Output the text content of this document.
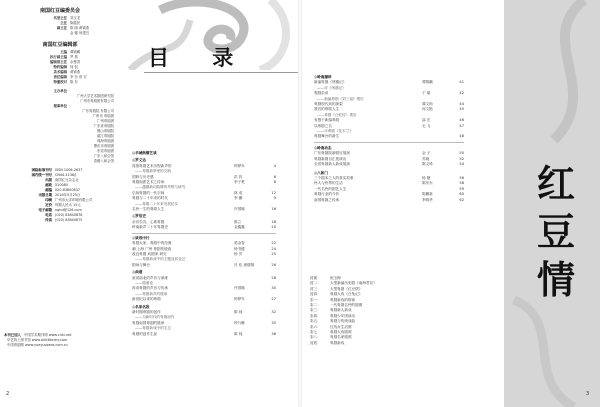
目 录
南国红豆编委员会
名誉主任 刘玉龙
主任 陈健民
副主任 陈 刚 黄锦燕
金 娜 何建宜
南国红豆编辑部
主编 谭锦鹏
执行副主编 罗 燕
编辑部主任 余慧香
特约编辑 何 侃
美术编辑 黄锦燕
责任编辑 李 东 曾 宏
特邀校对 陈 东
主办单位
广州大学艺术剧团研究院
广州市粤剧团有限公司
理事单位
广东粤剧院 有限公司
广州市 粤剧团
广州粤剧团
广东省粤剧院
佛山粤剧院
湛江粤剧院
珠海粤剧团
肇庆市粤剧团
东莞粤剧团
广东八和会馆
香港八和会馆
国际标准刊号 ISSN 1006-2637
国内统一刊号 CN44-1138/J
出版 南国红豆杂志社
邮政 510080
邮编 020-83800837
出版日期 2016年5月25日
印刷 广州市大洋印刷有限公司
定价 每期人民币 15元
电子邮箱 nghd@126.com
电话 (020) 83840876
传真 (020) 83840875
本刊已加入 中国学术期刊网 www.cnki.net
华艺线上图书馆 www.airitilibrary.com
中国粤剧网 www.yueyuopera.com.cn
◎羊城纵横艺谈
◎罗义达
再续粤剧艺术历程新声的	钟梦年	4
——粤剧新梦里的交响
国粹与历史感	洪 钧	6
粤剧南派艺术之传承	李子楚	8
——越剧新词曲牌的考察与研究
弘扬粤剧的一代宗师	林 成	12
粤剧与二十年来的时代	李 鹏	9
——粤剧二十年来发展纪实
名伶一生的粤剧人生	许国翰	16
◎罗伯史
余音袅袅，心系粤剧	陈立	18
岭南新声二十年粤剧史	金鑫鑫	20
◎谈戏中行
粤剧大家，粤剧中的经典	梁金智	22
潮 上海 广州 粤剧传统改	杨书健	24
改良粤剧 戏剧家 研究	杨 贝	25
——粤剧新戏中的主题及其变迁
剧场与舞台	吕 佳 唐继翔	26
◎曲谱
叙说南北的声音与演练	28
——剧谱论
再谈粤剧的声音与传承	许国翰	30
——粤剧新声的继承
新世纪以来的粤剧	钟梦年	27
◎名家名段
新时期粤剧的创作	陈 纯	32
——为新时代的粤剧而作
粤剧南国粤剧的继承	钟乃琳	35
——粤剧新戏中的生态
粤剧的创作生涯	陈 纯	36
2
红豆情
◎岭南撷珍
新编粤剧《绣襦记》	谭锦鹏	41
——评《绣襦记》
观剧杂谈	于 瑞	42
——新编粤剧《刘三姐》观后
粤剧现代戏的探索	谭文尚	44
我们的粤剧人生	何文艳	45
——粤剧《白蛇传》观后
有感于新编粤剧	邵 宏	46
以粤剧之名	毛 飞	47
——评粤剧《花木兰》
粤剧舞台的新生	48
◎岭南动态
广东粤剧院新剧目展演	金 子	50
粤剧新剧目汇报演出	苏晓	52
全省粤剧新人新戏展演	陈文琦	54
◎八和门
三个剧本之人的真实故事	杨 婕	56
伶人与伶界的生活	陈东东	58
一代名伶的剧艺人生	59
粤剧行业的今昔	陈鹏新	60
南国粤剧之传承	李明华	62
封面：	倪玉梅
封二：	大型新编历史剧《南海君臣》
封三：	大型粤剧《红豆情》
封四：	粤剧大戏《白兔记》
彩一：	粤剧新戏的排演
彩二：	一代粤剧名伶的剧照
彩三：	粤剧新人新戏
彩四：	粤剧少年团演出
彩五：	粤剧与传统戏曲
彩六：	红线女生活照
彩七：	粤剧大戏剧照
彩八：	粤剧名家剧照
封底：	粤剧新戏
3
